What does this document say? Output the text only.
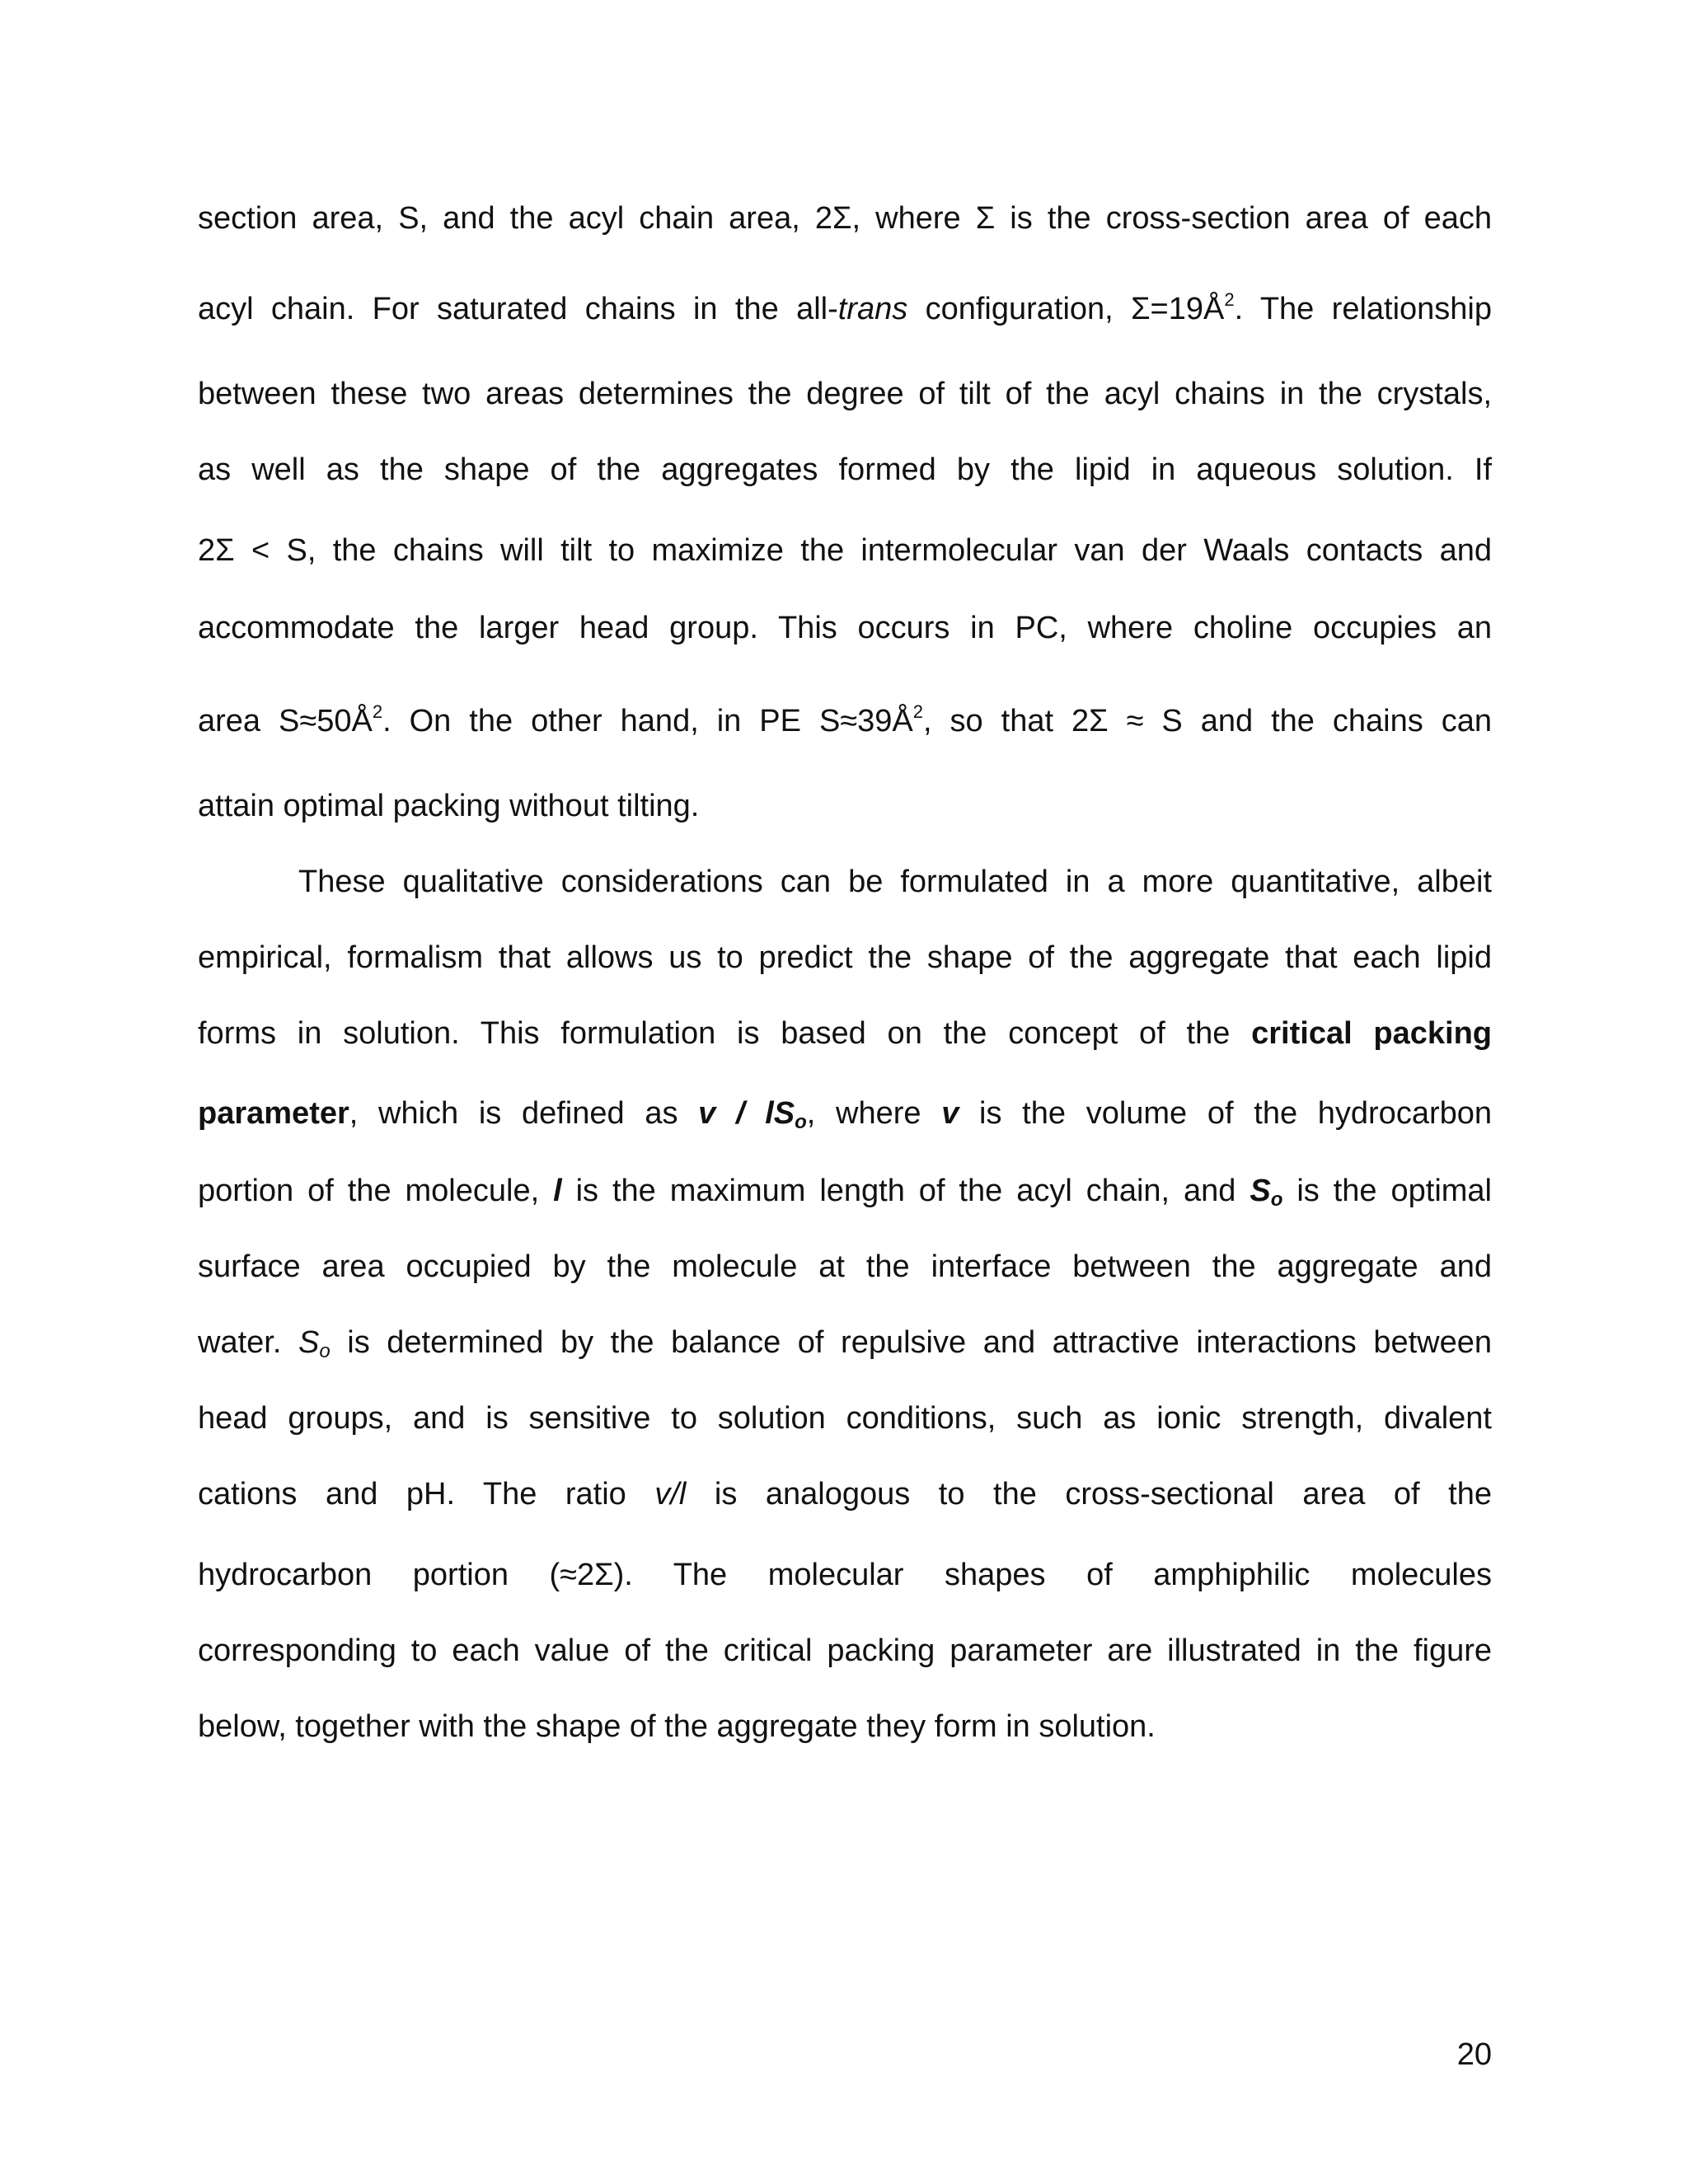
section area, S, and the acyl chain area, 2Σ, where Σ is the cross-section area of each
acyl chain. For saturated chains in the all-trans configuration, $\Sigma=19Å^2$. The relationship
between these two areas determines the degree of tilt of the acyl chains in the crystals,
as well as the shape of the aggregates formed by the lipid in aqueous solution. If
2Σ < S, the chains will tilt to maximize the intermolecular van der Waals contacts and
accommodate the larger head group. This occurs in PC, where choline occupies an
area $S\approx 50Å^2$. On the other hand, in PE $S\approx 39Å^2$, so that 2Σ ≈ S and the chains can
attain optimal packing without tilting.
These qualitative considerations can be formulated in a more quantitative, albeit
empirical, formalism that allows us to predict the shape of the aggregate that each lipid
forms in solution. This formulation is based on the concept of the critical packing
parameter, which is defined as v / $lS_o$, where v is the volume of the hydrocarbon
portion of the molecule, l is the maximum length of the acyl chain, and $S_o$ is the optimal
surface area occupied by the molecule at the interface between the aggregate and
water. $S_o$ is determined by the balance of repulsive and attractive interactions between
head groups, and is sensitive to solution conditions, such as ionic strength, divalent
cations and pH. The ratio v/l is analogous to the cross-sectional area of the
hydrocarbon portion (≈2Σ). The molecular shapes of amphiphilic molecules
corresponding to each value of the critical packing parameter are illustrated in the figure
below, together with the shape of the aggregate they form in solution.
20
